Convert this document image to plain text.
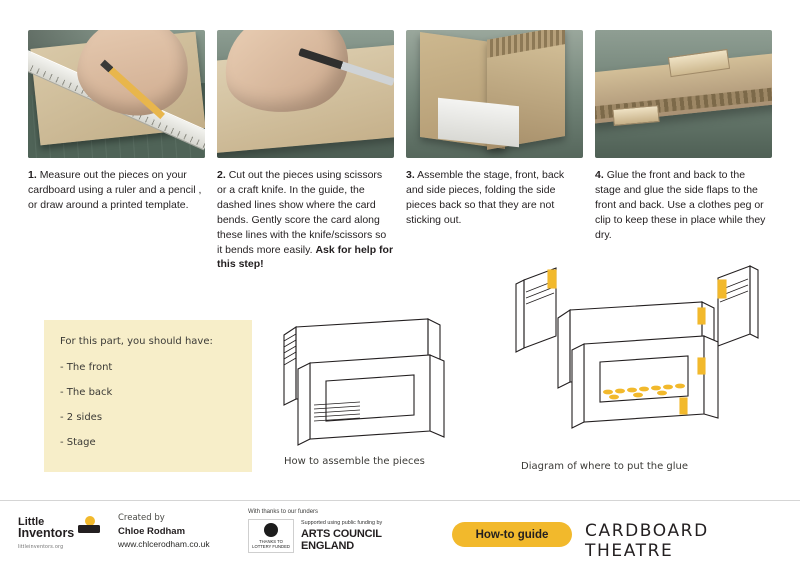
1. Measure out the pieces on your cardboard using a ruler and a pencil , or draw around a printed template.
2. Cut out the pieces using scissors or a craft knife. In the guide, the dashed lines show where the card bends. Gently score the card along these lines with the knife/scissors so it bends more easily. Ask for help for this step!
3. Assemble the stage, front, back and side pieces, folding the side pieces back so that they are not sticking out.
4. Glue the front and back to the stage and glue the side flaps to the front and back. Use a clothes peg or clip to keep these in place while they dry.
For this part, you should have:
- The front
- The back
- 2 sides
- Stage
How to assemble the pieces	Diagram of where to put the glue
Little
Inventors
littleinventors.org
Created by
Chloe Rodham
www.chlcerodham.co.uk
With thanks to our funders
THANKS TO
LOTTERY FUNDED
Supported using public funding by
ARTS COUNCIL
ENGLAND
How-to guide	CARDBOARD THEATRE
